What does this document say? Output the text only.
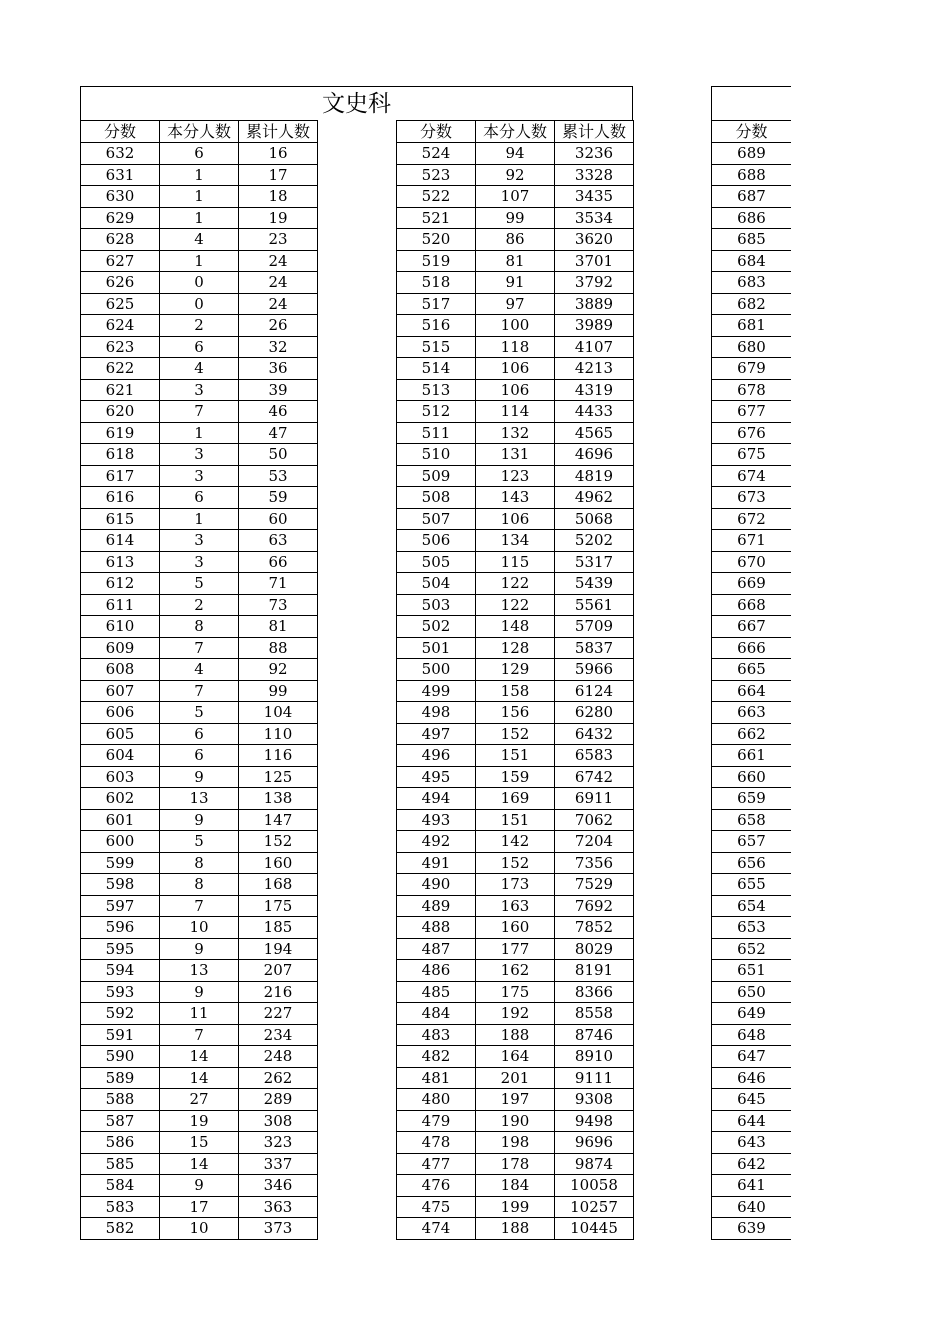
文史科
分数	本分人数	累计人数
632	6	16
631	1	17
630	1	18
629	1	19
628	4	23
627	1	24
626	0	24
625	0	24
624	2	26
623	6	32
622	4	36
621	3	39
620	7	46
619	1	47
618	3	50
617	3	53
616	6	59
615	1	60
614	3	63
613	3	66
612	5	71
611	2	73
610	8	81
609	7	88
608	4	92
607	7	99
606	5	104
605	6	110
604	6	116
603	9	125
602	13	138
601	9	147
600	5	152
599	8	160
598	8	168
597	7	175
596	10	185
595	9	194
594	13	207
593	9	216
592	11	227
591	7	234
590	14	248
589	14	262
588	27	289
587	19	308
586	15	323
585	14	337
584	9	346
583	17	363
582	10	373
分数	本分人数	累计人数
524	94	3236
523	92	3328
522	107	3435
521	99	3534
520	86	3620
519	81	3701
518	91	3792
517	97	3889
516	100	3989
515	118	4107
514	106	4213
513	106	4319
512	114	4433
511	132	4565
510	131	4696
509	123	4819
508	143	4962
507	106	5068
506	134	5202
505	115	5317
504	122	5439
503	122	5561
502	148	5709
501	128	5837
500	129	5966
499	158	6124
498	156	6280
497	152	6432
496	151	6583
495	159	6742
494	169	6911
493	151	7062
492	142	7204
491	152	7356
490	173	7529
489	163	7692
488	160	7852
487	177	8029
486	162	8191
485	175	8366
484	192	8558
483	188	8746
482	164	8910
481	201	9111
480	197	9308
479	190	9498
478	198	9696
477	178	9874
476	184	10058
475	199	10257
474	188	10445
分数
689
688
687
686
685
684
683
682
681
680
679
678
677
676
675
674
673
672
671
670
669
668
667
666
665
664
663
662
661
660
659
658
657
656
655
654
653
652
651
650
649
648
647
646
645
644
643
642
641
640
639
